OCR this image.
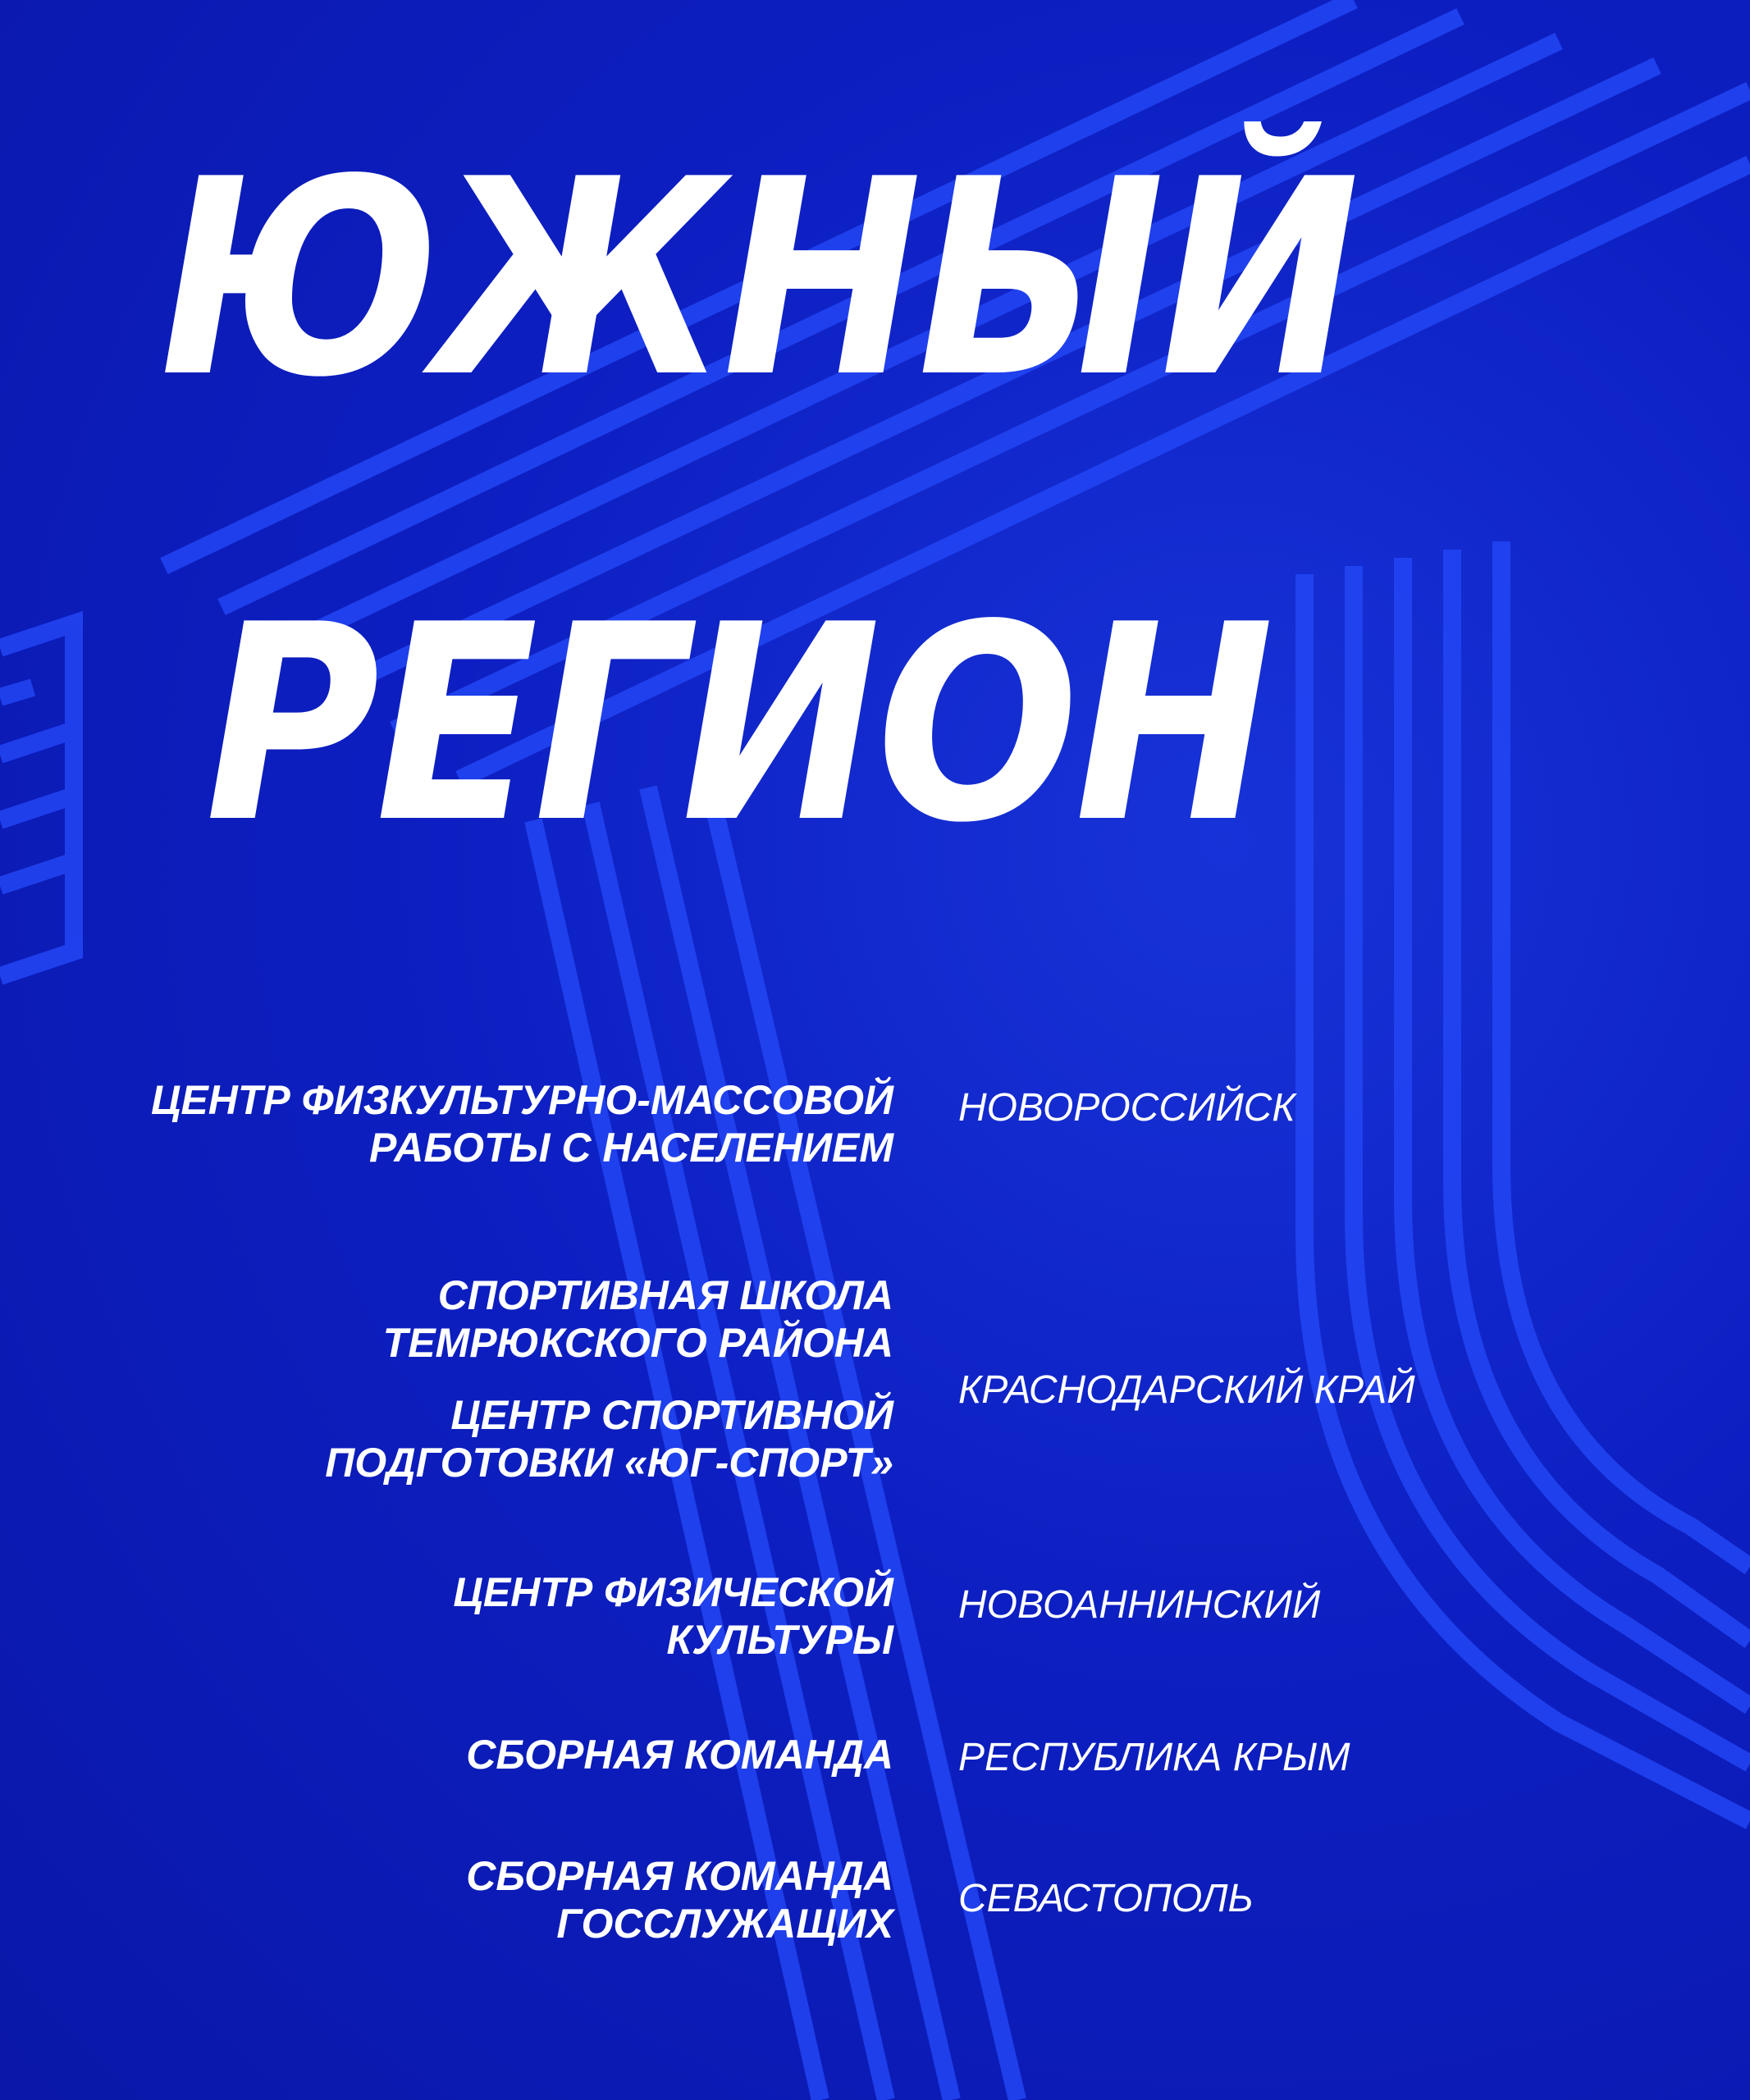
ЮЖНЫЙ
РЕГИОН
ЦЕНТР ФИЗКУЛЬТУРНО-МАССОВОЙ
РАБОТЫ С НАСЕЛЕНИЕМ
НОВОРОССИЙСК
СПОРТИВНАЯ ШКОЛА
ТЕМРЮКСКОГО РАЙОНА
ЦЕНТР СПОРТИВНОЙ
ПОДГОТОВКИ «ЮГ-СПОРТ»
КРАСНОДАРСКИЙ КРАЙ
ЦЕНТР ФИЗИЧЕСКОЙ
КУЛЬТУРЫ
НОВОАННИНСКИЙ
СБОРНАЯ КОМАНДА РЕСПУБЛИКА КРЫМ
СБОРНАЯ КОМАНДА
ГОССЛУЖАЩИХ
СЕВАСТОПОЛЬ
